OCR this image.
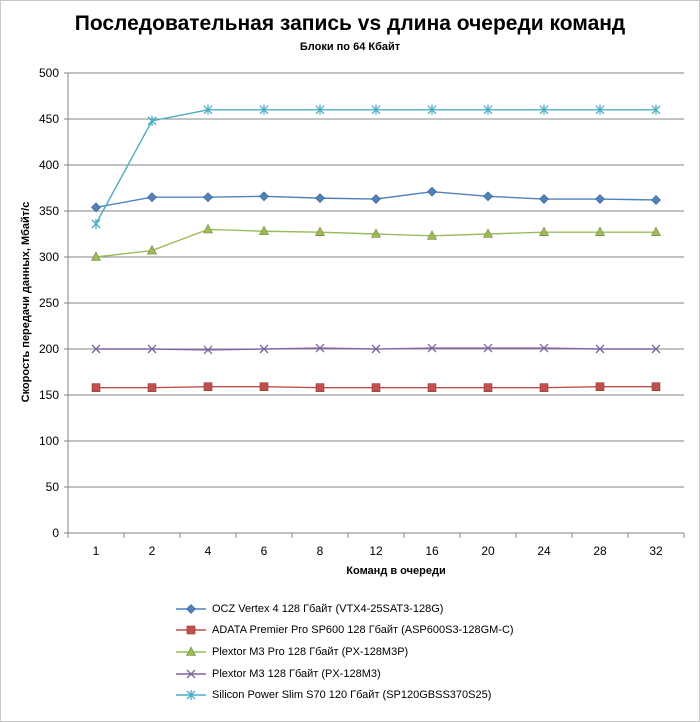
Последовательная запись vs длина очереди команд
Блоки по 64 Кбайт
0
50
100
150
200
250
300
350
400
450
500
1	2	4	6	8	12	16	20	24	28	32
Скорость передачи данных, Мбайт/с
Команд в очереди
OCZ Vertex 4 128 Гбайт (VTX4-25SAT3-128G)
ADATA Premier Pro SP600 128 Гбайт (ASP600S3-128GM-C)
Plextor M3 Pro 128 Гбайт (PX-128M3P)
Plextor M3 128 Гбайт (PX-128M3)
Silicon Power Slim S70 120 Гбайт (SP120GBSS370S25)
